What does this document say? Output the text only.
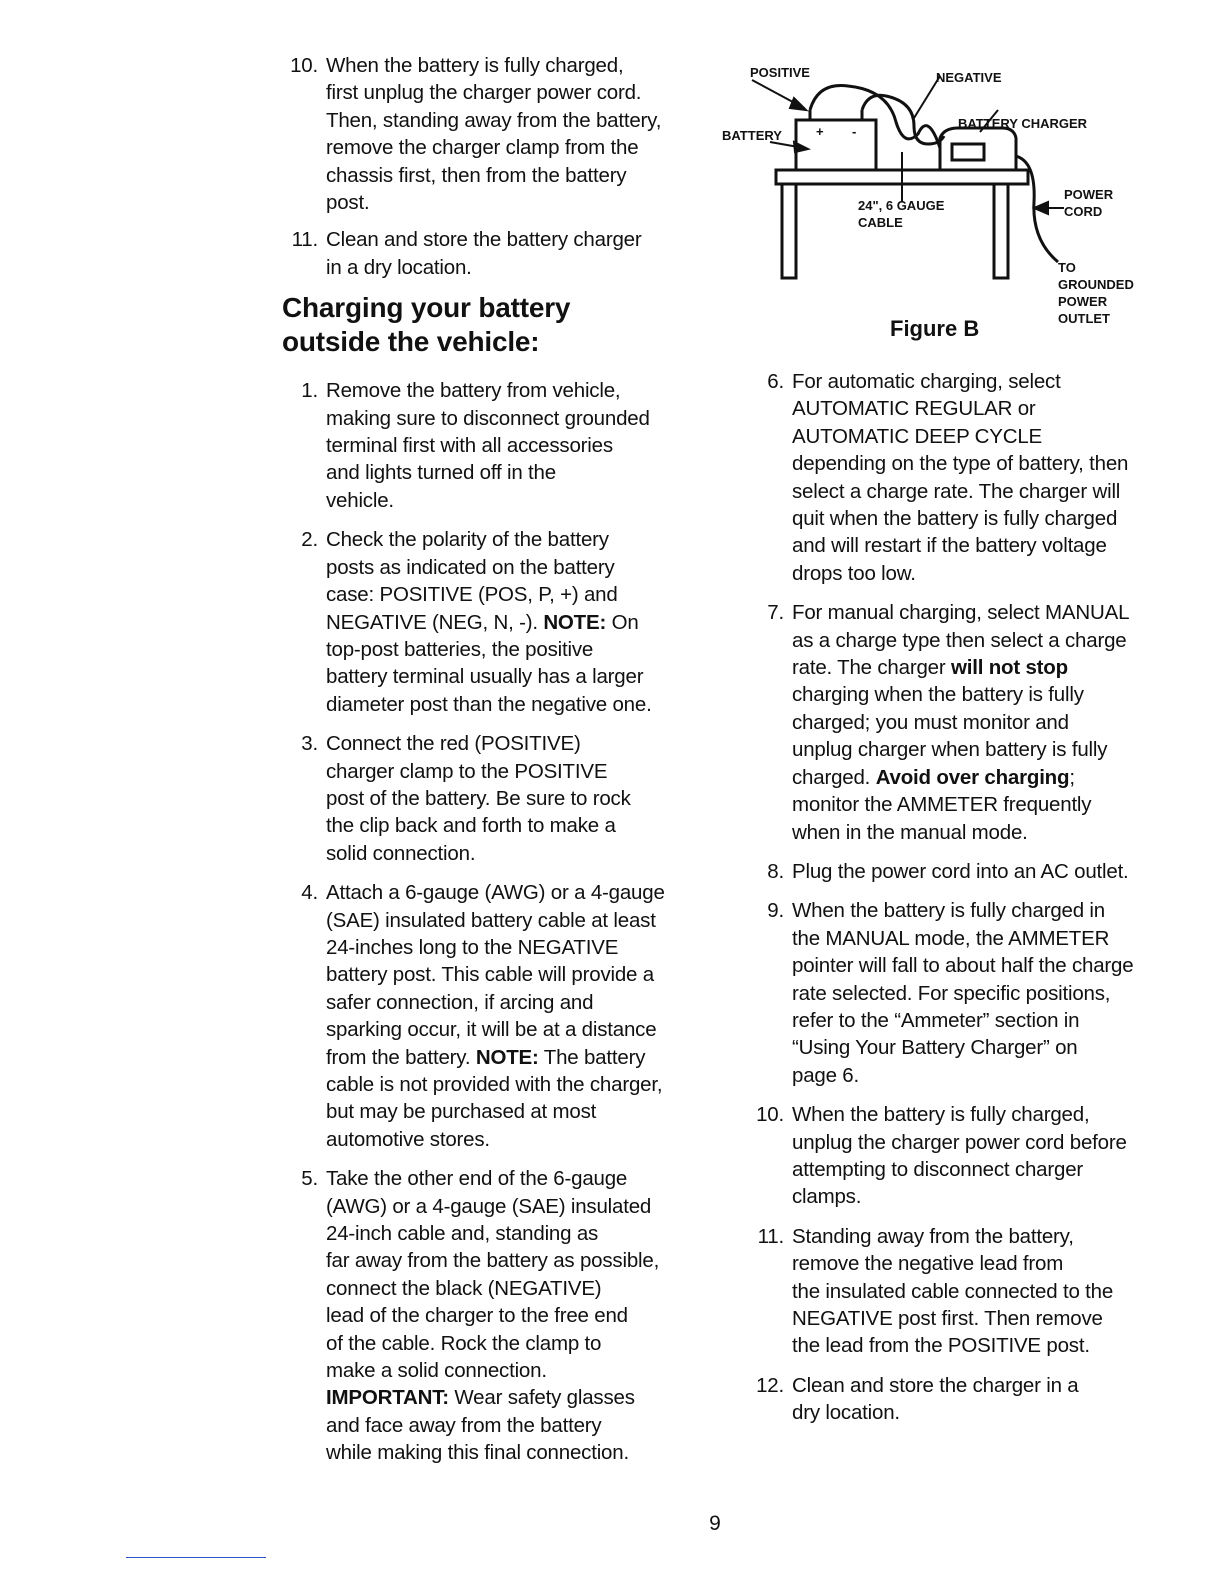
10. When the battery is fully charged,
first unplug the charger power cord.
Then, standing away from the battery,
remove the charger clamp from the
chassis first, then from the battery
post.
11. Clean and store the battery charger
in a dry location.
Charging your battery
outside the vehicle:
1. Remove the battery from vehicle,
making sure to disconnect grounded
terminal first with all accessories
and lights turned off in the
vehicle.
2. Check the polarity of the battery
posts as indicated on the battery
case: POSITIVE (POS, P, +) and
NEGATIVE (NEG, N, -). NOTE: On
top-post batteries, the positive
battery terminal usually has a larger
diameter post than the negative one.
3. Connect the red (POSITIVE)
charger clamp to the POSITIVE
post of the battery. Be sure to rock
the clip back and forth to make a
solid connection.
4. Attach a 6-gauge (AWG) or a 4-gauge
(SAE) insulated battery cable at least
24-inches long to the NEGATIVE
battery post. This cable will provide a
safer connection, if arcing and
sparking occur, it will be at a distance
from the battery. NOTE: The battery
cable is not provided with the charger,
but may be purchased at most
automotive stores.
5. Take the other end of the 6-gauge
(AWG) or a 4-gauge (SAE) insulated
24-inch cable and, standing as
far away from the battery as possible,
connect the black (NEGATIVE)
lead of the charger to the free end
of the cable. Rock the clamp to
make a solid connection.
IMPORTANT: Wear safety glasses
and face away from the battery
while making this final connection.
POSITIVE	NEGATIVE
BATTERY
BATTERY CHARGER
+ -
24", 6 GAUGE
CABLE
POWER
CORD
TO
GROUNDED
POWER
OUTLET
Figure B
6. For automatic charging, select
AUTOMATIC REGULAR or
AUTOMATIC DEEP CYCLE
depending on the type of battery, then
select a charge rate. The charger will
quit when the battery is fully charged
and will restart if the battery voltage
drops too low.
7. For manual charging, select MANUAL
as a charge type then select a charge
rate. The charger will not stop
charging when the battery is fully
charged; you must monitor and
unplug charger when battery is fully
charged. Avoid over charging;
monitor the AMMETER frequently
when in the manual mode.
8. Plug the power cord into an AC outlet.
9. When the battery is fully charged in
the MANUAL mode, the AMMETER
pointer will fall to about half the charge
rate selected. For specific positions,
refer to the “Ammeter” section in
“Using Your Battery Charger” on
page 6.
10. When the battery is fully charged,
unplug the charger power cord before
attempting to disconnect charger
clamps.
11. Standing away from the battery,
remove the negative lead from
the insulated cable connected to the
NEGATIVE post first. Then remove
the lead from the POSITIVE post.
12. Clean and store the charger in a
dry location.
9
